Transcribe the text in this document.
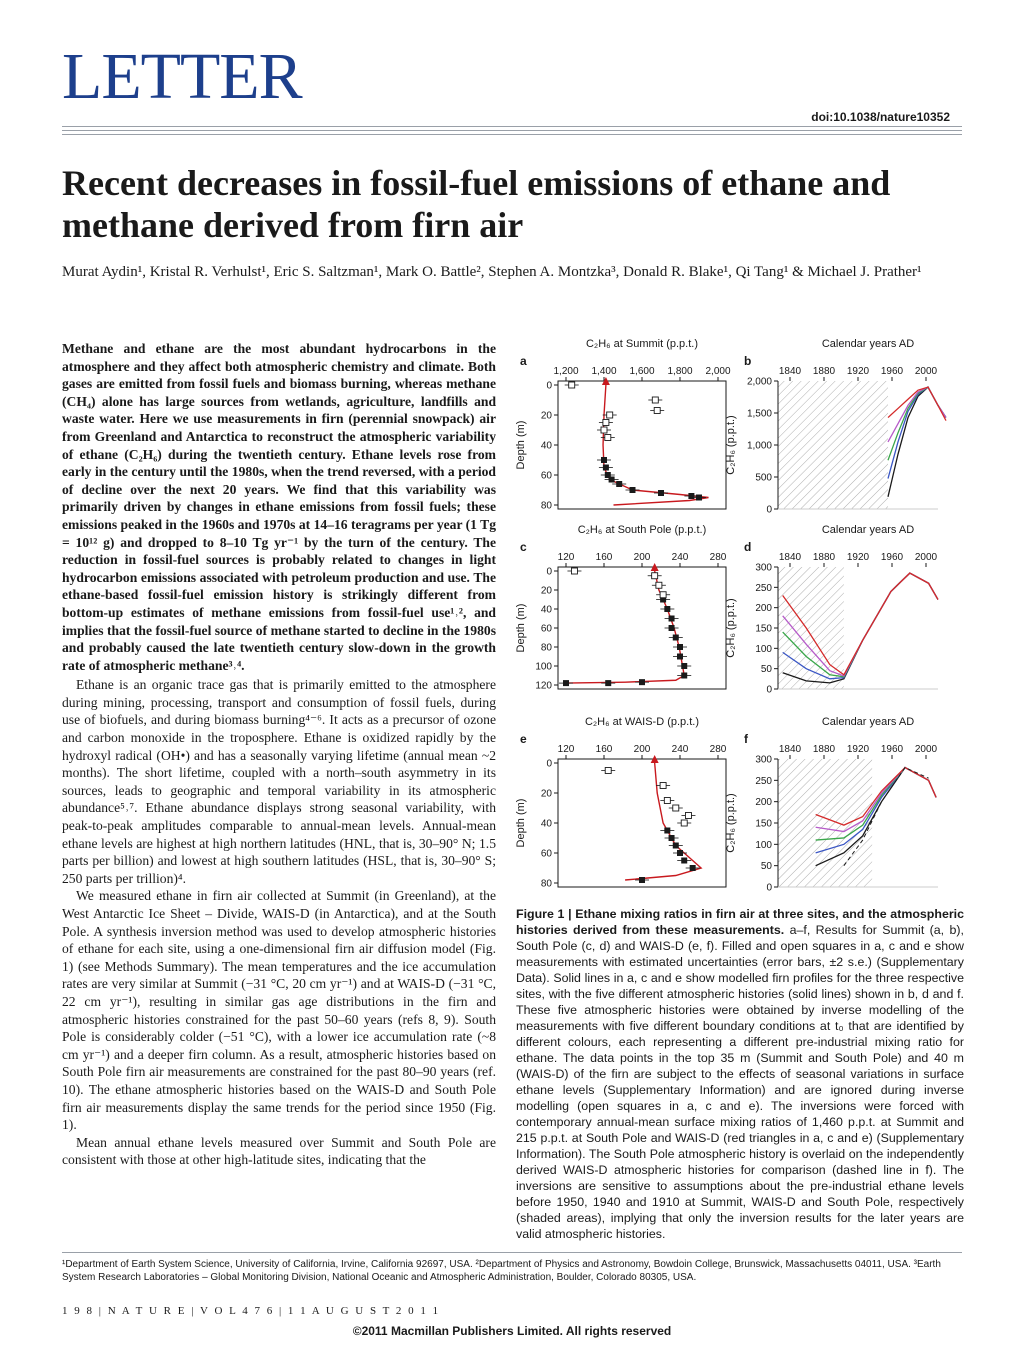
LETTER
doi:10.1038/nature10352
Recent decreases in fossil-fuel emissions of ethane and methane derived from firn air
Murat Aydin¹, Kristal R. Verhulst¹, Eric S. Saltzman¹, Mark O. Battle², Stephen A. Montzka³, Donald R. Blake¹, Qi Tang¹ & Michael J. Prather¹

Methane and ethane are the most abundant hydrocarbons in the atmosphere and they affect both atmospheric chemistry and climate. Both gases are emitted from fossil fuels and biomass burning, whereas methane (CH₄) alone has large sources from wetlands, agriculture, landfills and waste water. Here we use measurements in firn (perennial snowpack) air from Greenland and Antarctica to reconstruct the atmospheric variability of ethane (C₂H₆) during the twentieth century. Ethane levels rose from early in the century until the 1980s, when the trend reversed, with a period of decline over the next 20 years. We find that this variability was primarily driven by changes in ethane emissions from fossil fuels; these emissions peaked in the 1960s and 1970s at 14–16 teragrams per year (1 Tg = 10¹² g) and dropped to 8–10 Tg yr⁻¹ by the turn of the century. The reduction in fossil-fuel sources is probably related to changes in light hydrocarbon emissions associated with petroleum production and use. The ethane-based fossil-fuel emission history is strikingly different from bottom-up estimates of methane emissions from fossil-fuel use¹˒², and implies that the fossil-fuel source of methane started to decline in the 1980s and probably caused the late twentieth century slow-down in the growth rate of atmospheric methane³˒⁴.

Ethane is an organic trace gas that is primarily emitted to the atmosphere during mining, processing, transport and consumption of fossil fuels, during use of biofuels, and during biomass burning⁴⁻⁶. It acts as a precursor of ozone and carbon monoxide in the troposphere. Ethane is oxidized rapidly by the hydroxyl radical (OH•) and has a seasonally varying lifetime (annual mean ~2 months). The short lifetime, coupled with a north–south asymmetry in its sources, leads to geographic and temporal variability in its atmospheric abundance⁵˒⁷. Ethane abundance displays strong seasonal variability, with peak-to-peak amplitudes comparable to annual-mean levels. Annual-mean ethane levels are highest at high northern latitudes (HNL, that is, 30–90° N; 1.5 parts per billion) and lowest at high southern latitudes (HSL, that is, 30–90° S; 250 parts per trillion)⁴.

We measured ethane in firn air collected at Summit (in Greenland), at the West Antarctic Ice Sheet – Divide, WAIS-D (in Antarctica), and at the South Pole. A synthesis inversion method was used to develop atmospheric histories of ethane for each site, using a one-dimensional firn air diffusion model (Fig. 1) (see Methods Summary). The mean temperatures and the ice accumulation rates are very similar at Summit (−31 °C, 20 cm yr⁻¹) and at WAIS-D (−31 °C, 22 cm yr⁻¹), resulting in similar gas age distributions in the firn and atmospheric histories constrained for the past 50–60 years (refs 8, 9). South Pole is considerably colder (−51 °C), with a lower ice accumulation rate (~8 cm yr⁻¹) and a deeper firn column. As a result, atmospheric histories based on South Pole firn air measurements are constrained for the past 80–90 years (ref. 10). The ethane atmospheric histories based on the WAIS-D and South Pole firn air measurements display the same trends for the period since 1950 (Fig. 1).

Mean annual ethane levels measured over Summit and South Pole are consistent with those at other high-latitude sites, indicating that the

C₂H₆ at Summit (p.p.t.)
a
1,200 1,400 1,600 1,800 2,000
0
20
40
60
80
Depth (m)
Calendar years AD
b
1840 1880 1920 1960 2000
0
500
1,000
1,500
2,000
C₂H₆ (p.p.t.)
C₂H₆ at South Pole (p.p.t.)
c
120 160 200 240 280
0
20
40
60
80
100
120
Depth (m)
Calendar years AD
d
1840 1880 1920 1960 2000
0
50
100
150
200
250
300
C₂H₆ (p.p.t.)
C₂H₆ at WAIS-D (p.p.t.)
e
120 160 200 240 280
0
20
40
60
80
Depth (m)
Calendar years AD
f
1840 1880 1920 1960 2000
0
50
100
150
200
250
300
C₂H₆ (p.p.t.)
Figure 1 | Ethane mixing ratios in firn air at three sites, and the atmospheric histories derived from these measurements. a–f, Results for Summit (a, b), South Pole (c, d) and WAIS-D (e, f). Filled and open squares in a, c and e show measurements with estimated uncertainties (error bars, ±2 s.e.) (Supplementary Data). Solid lines in a, c and e show modelled firn profiles for the three respective sites, with the five different atmospheric histories (solid lines) shown in b, d and f. These five atmospheric histories were obtained by inverse modelling of the measurements with five different boundary conditions at t₀ that are identified by different colours, each representing a different pre-industrial mixing ratio for ethane. The data points in the top 35 m (Summit and South Pole) and 40 m (WAIS-D) of the firn are subject to the effects of seasonal variations in surface ethane levels (Supplementary Information) and are ignored during inverse modelling (open squares in a, c and e). The inversions were forced with contemporary annual-mean surface mixing ratios of 1,460 p.p.t. at Summit and 215 p.p.t. at South Pole and WAIS-D (red triangles in a, c and e) (Supplementary Information). The South Pole atmospheric history is overlaid on the independently derived WAIS-D atmospheric histories for comparison (dashed line in f). The inversions are sensitive to assumptions about the pre-industrial ethane levels before 1950, 1940 and 1910 at Summit, WAIS-D and South Pole, respectively (shaded areas), implying that only the inversion results for the later years are valid atmospheric histories.
¹Department of Earth System Science, University of California, Irvine, California 92697, USA. ²Department of Physics and Astronomy, Bowdoin College, Brunswick, Massachusetts 04011, USA. ³Earth System Research Laboratories – Global Monitoring Division, National Oceanic and Atmospheric Administration, Boulder, Colorado 80305, USA.
1 9 8 | N A T U R E | V O L 4 7 6 | 1 1 A U G U S T 2 0 1 1
©2011 Macmillan Publishers Limited. All rights reserved
